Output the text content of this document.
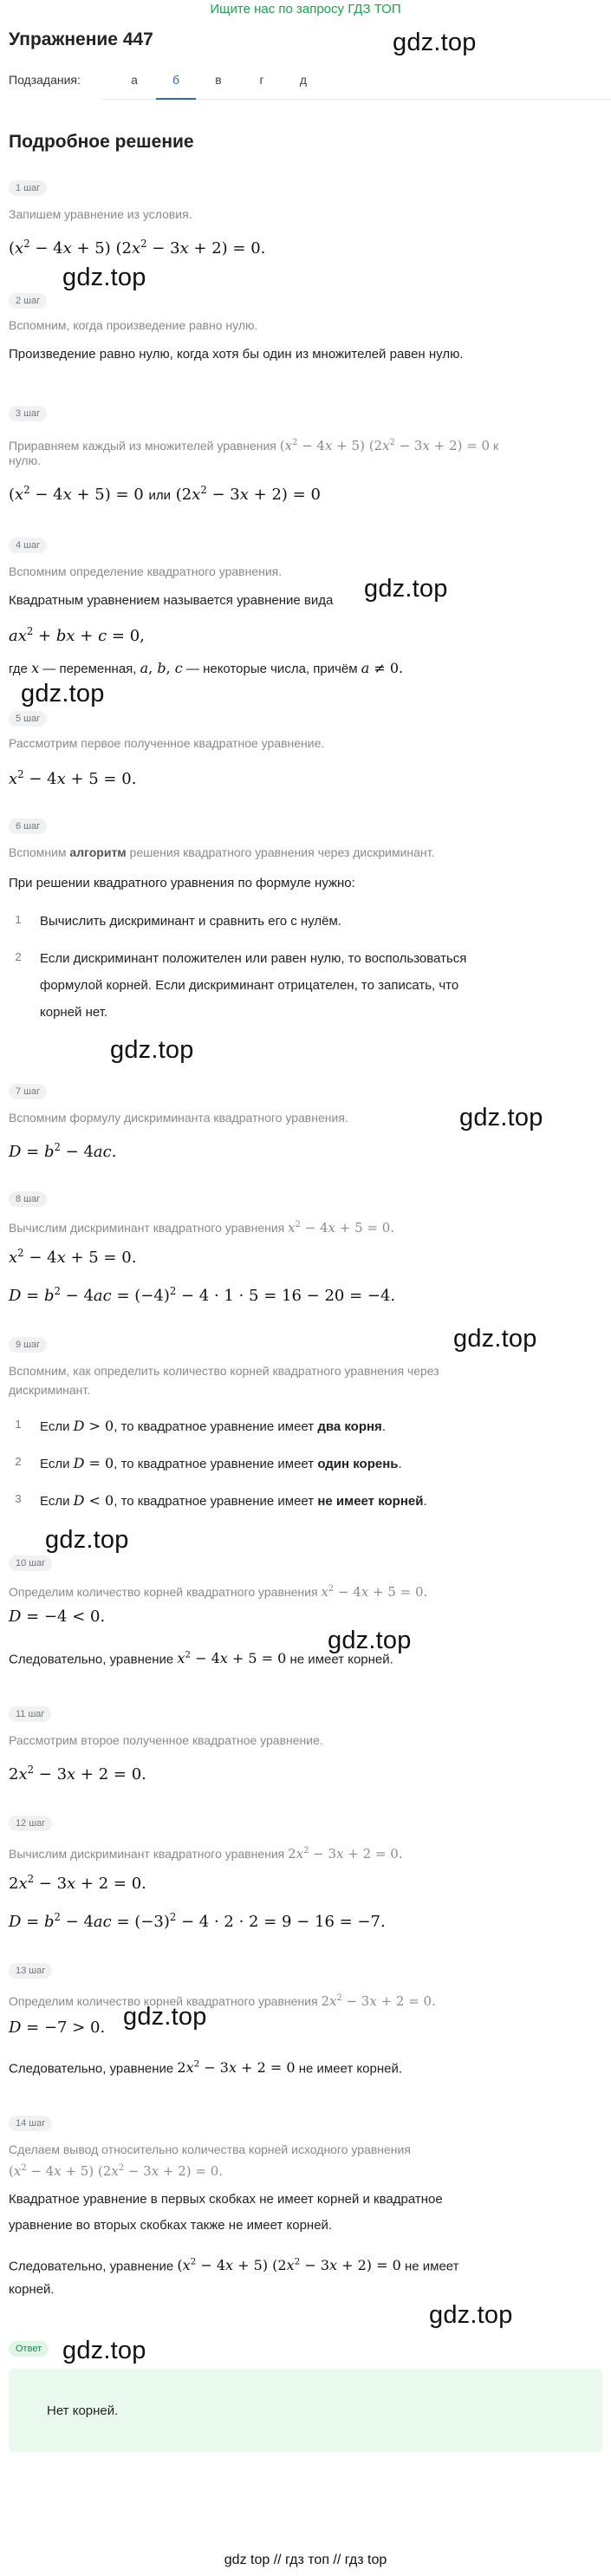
Ищите нас по запросу ГДЗ ТОП
gdz.top
Упражнение 447
Подзадания:	а	б	в	г	д
Подробное решение
1 шаг
Запишем уравнение из условия.
$(x^2 - 4x + 5) (2x^2 - 3x + 2) = 0$.
2 шаг
gdz.top
Вспомним, когда произведение равно нулю.
Произведение равно нулю, когда хотя бы один из множителей равен нулю.
3 шаг
Приравняем каждый из множителей уравнения $(x^2 - 4x + 5) (2x^2 - 3x + 2) = 0$ к
нулю.
$(x^2 - 4x + 5) = 0$ или $(2x^2 - 3x + 2) = 0$
4 шаг
Вспомним определение квадратного уравнения.
Квадратным уравнением называется уравнение вида gdz.top
$ax^2$ + bx + c = 0,
где x — переменная, a, b, c — некоторые числа, причём a ≠ 0.
gdz.top
5 шаг
Рассмотрим первое полученное квадратное уравнение.
$x^2 - 4x + 5 = 0$.
6 шаг
Вспомним алгоритм решения квадратного уравнения через дискриминант.
При решении квадратного уравнения по формуле нужно:
1	Вычислить дискриминант и сравнить его с нулём.
2	Если дискриминант положителен или равен нулю, то воспользоваться
формулой корней. Если дискриминант отрицателен, то записать, что
корней нет.
gdz.top
7 шаг
gdz.top
Вспомним формулу дискриминанта квадратного уравнения.
$D = b^2 - 4ac$.
8 шаг
Вычислим дискриминант квадратного уравнения $x^2 - 4x + 5 = 0$.
$x^2 - 4x + 5 = 0$.
$D = b^2 - 4ac = (-4)^2 - 4 \cdot 1 \cdot 5 = 16 - 20 = -4$.
gdz.top
9 шаг
Вспомним, как определить количество корней квадратного уравнения через
дискриминант.
1	Если D > 0, то квадратное уравнение имеет два корня.
2	Если D = 0, то квадратное уравнение имеет один корень.
3	Если D < 0, то квадратное уравнение имеет не имеет корней.
gdz.top
10 шаг
Определим количество корней квадратного уравнения $x^2 - 4x + 5 = 0$.
D = −4 < 0.
Следовательно, уравнение $x^2 - 4x + 5 = 0$ не имеет корней.
gdz.top
11 шаг
Рассмотрим второе полученное квадратное уравнение.
$2x^2 - 3x + 2 = 0$.
12 шаг
Вычислим дискриминант квадратного уравнения $2x^2 - 3x + 2 = 0$.
$2x^2 - 3x + 2 = 0$.
$D = b^2 - 4ac = (-3)^2 - 4 \cdot 2 \cdot 2 = 9 - 16 = -7$.
13 шаг
Определим количество корней квадратного уравнения $2x^2 - 3x + 2 = 0$.
D = −7 > 0. gdz.top
Следовательно, уравнение $2x^2 - 3x + 2 = 0$ не имеет корней.
14 шаг
Сделаем вывод относительно количества корней исходного уравнения
$(x^2 - 4x + 5) (2x^2 - 3x + 2) = 0$.
Квадратное уравнение в первых скобках не имеет корней и квадратное
уравнение во вторых скобках также не имеет корней.
Следовательно, уравнение $(x^2 - 4x + 5) (2x^2 - 3x + 2) = 0$ не имеет
корней.
gdz.top
Ответ gdz.top
Нет корней.
gdz top // гдз топ // гдз top
